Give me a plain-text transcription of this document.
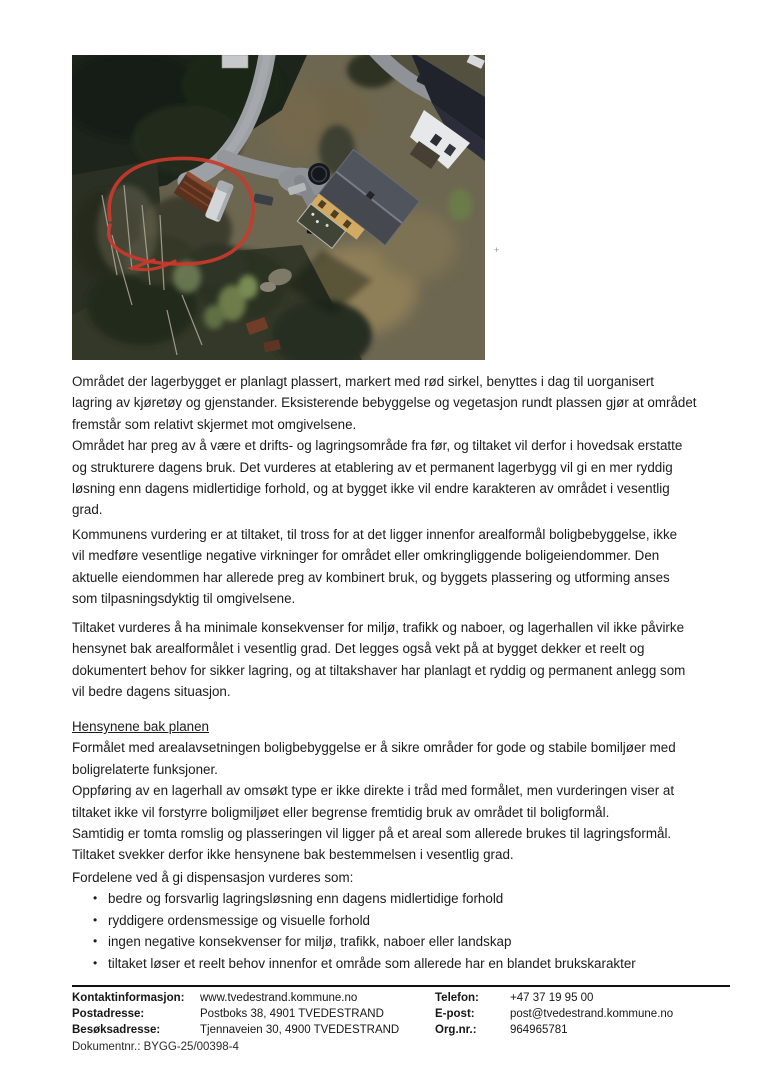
+
Området der lagerbygget er planlagt plassert, markert med rød sirkel, benyttes i dag til uorganisert
lagring av kjøretøy og gjenstander. Eksisterende bebyggelse og vegetasjon rundt plassen gjør at området
fremstår som relativt skjermet mot omgivelsene.
Området har preg av å være et drifts- og lagringsområde fra før, og tiltaket vil derfor i hovedsak erstatte
og strukturere dagens bruk. Det vurderes at etablering av et permanent lagerbygg vil gi en mer ryddig
løsning enn dagens midlertidige forhold, og at bygget ikke vil endre karakteren av området i vesentlig
grad.
Kommunens vurdering er at tiltaket, til tross for at det ligger innenfor arealformål boligbebyggelse, ikke
vil medføre vesentlige negative virkninger for området eller omkringliggende boligeiendommer. Den
aktuelle eiendommen har allerede preg av kombinert bruk, og byggets plassering og utforming anses
som tilpasningsdyktig til omgivelsene.
Tiltaket vurderes å ha minimale konsekvenser for miljø, trafikk og naboer, og lagerhallen vil ikke påvirke
hensynet bak arealformålet i vesentlig grad. Det legges også vekt på at bygget dekker et reelt og
dokumentert behov for sikker lagring, og at tiltakshaver har planlagt et ryddig og permanent anlegg som
vil bedre dagens situasjon.
Hensynene bak planen
Formålet med arealavsetningen boligbebyggelse er å sikre områder for gode og stabile bomiljøer med
boligrelaterte funksjoner.
Oppføring av en lagerhall av omsøkt type er ikke direkte i tråd med formålet, men vurderingen viser at
tiltaket ikke vil forstyrre boligmiljøet eller begrense fremtidig bruk av området til boligformål.
Samtidig er tomta romslig og plasseringen vil ligger på et areal som allerede brukes til lagringsformål.
Tiltaket svekker derfor ikke hensynene bak bestemmelsen i vesentlig grad.
Fordelene ved å gi dispensasjon vurderes som:
• bedre og forsvarlig lagringsløsning enn dagens midlertidige forhold
• ryddigere ordensmessige og visuelle forhold
• ingen negative konsekvenser for miljø, trafikk, naboer eller landskap
• tiltaket løser et reelt behov innenfor et område som allerede har en blandet brukskarakter
Kontaktinformasjon:	www.tvedestrand.kommune.no	Telefon:	+47 37 19 95 00
Postadresse:	Postboks 38, 4901 TVEDESTRAND	E-post:	post@tvedestrand.kommune.no
Besøksadresse:	Tjennaveien 30, 4900 TVEDESTRAND	Org.nr.:	964965781
Dokumentnr.: BYGG-25/00398-4
